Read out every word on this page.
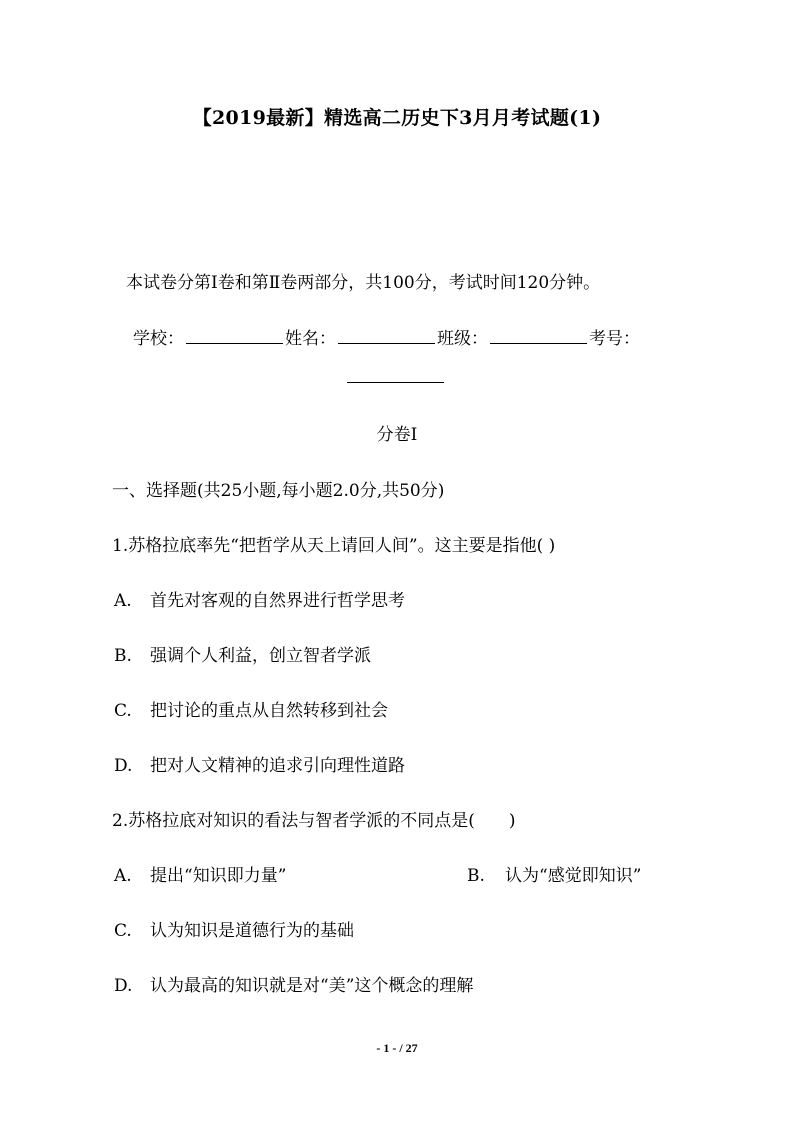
【2019最新】精选高二历史下3月月考试题(1)
本试卷分第Ⅰ卷和第Ⅱ卷两部分，共100分，考试时间120分钟。
学校：	姓名：	班级：	考号：
分卷I
一、选择题(共25小题,每小题2.0分,共50分)
1.苏格拉底率先“把哲学从天上请回人间”。这主要是指他( )
A. 首先对客观的自然界进行哲学思考
B. 强调个人利益，创立智者学派
C. 把讨论的重点从自然转移到社会
D. 把对人文精神的追求引向理性道路
2.苏格拉底对知识的看法与智者学派的不同点是(　　)
A. 提出“知识即力量”	B. 认为“感觉即知识”
C. 认为知识是道德行为的基础
D. 认为最高的知识就是对“美”这个概念的理解
- 1 - / 27
